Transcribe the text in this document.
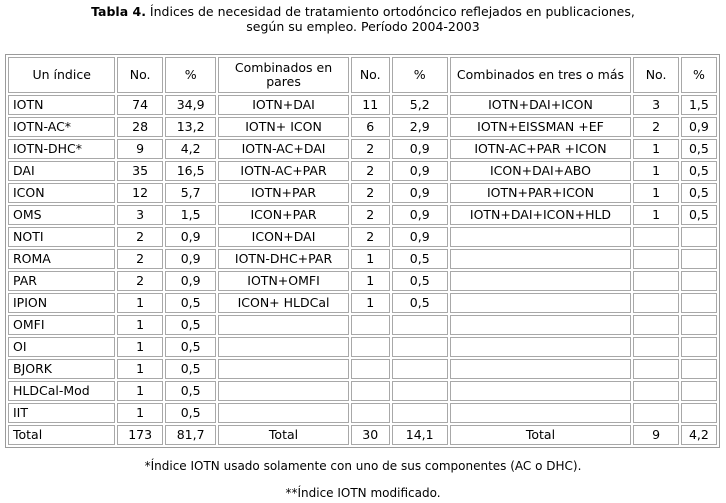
Tabla 4. Índices de necesidad de tratamiento ortodóncico reflejados en publicaciones,
según su empleo. Período 2004-2003
Un índice	No.	%	Combinados en pares	No.	%	Combinados en tres o más	No.	%
IOTN	74	34,9	IOTN+DAI	11	5,2	IOTN+DAI+ICON	3	1,5
IOTN-AC*	28	13,2	IOTN+ ICON	6	2,9	IOTN+EISSMAN +EF	2	0,9
IOTN-DHC*	9	4,2	IOTN-AC+DAI	2	0,9	IOTN-AC+PAR +ICON	1	0,5
DAI	35	16,5	IOTN-AC+PAR	2	0,9	ICON+DAI+ABO	1	0,5
ICON	12	5,7	IOTN+PAR	2	0,9	IOTN+PAR+ICON	1	0,5
OMS	3	1,5	ICON+PAR	2	0,9	IOTN+DAI+ICON+HLD	1	0,5
NOTI	2	0,9	ICON+DAI	2	0,9			
ROMA	2	0,9	IOTN-DHC+PAR	1	0,5			
PAR	2	0,9	IOTN+OMFI	1	0,5			
IPION	1	0,5	ICON+ HLDCal	1	0,5			
OMFI	1	0,5						
OI	1	0,5						
BJORK	1	0,5						
HLDCal-Mod	1	0,5						
IIT	1	0,5						
Total	173	81,7	Total	30	14,1	Total	9	4,2
*Índice IOTN usado solamente con uno de sus componentes (AC o DHC).
**Índice IOTN modificado.
